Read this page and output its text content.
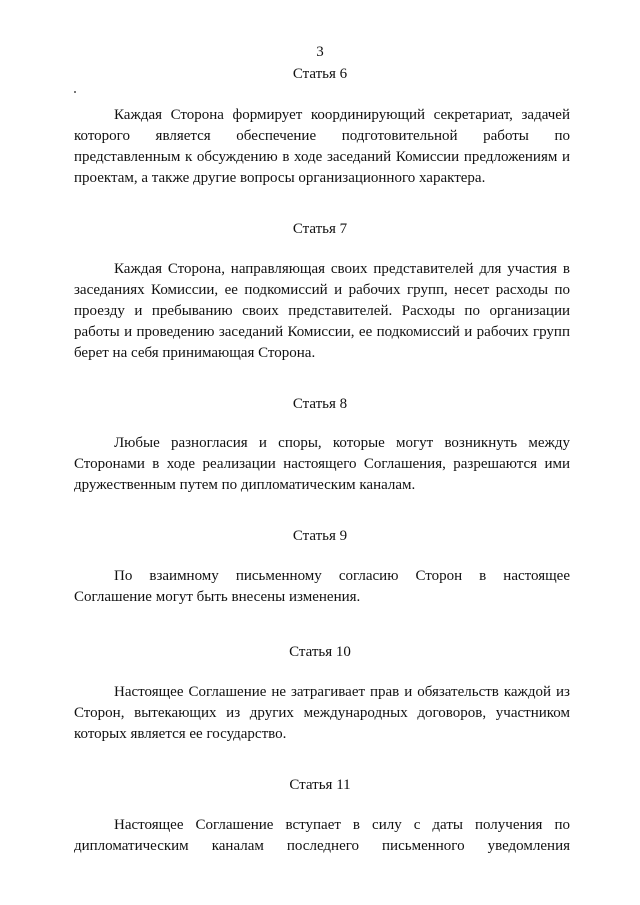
3
Статья 6

Каждая Сторона формирует координирующий секретариат, задачей которого является обеспечение подготовительной работы по представленным к обсуждению в ходе заседаний Комиссии предложениям и проектам, а также другие вопросы организационного характера.

Статья 7

Каждая Сторона, направляющая своих представителей для участия в заседаниях Комиссии, ее подкомиссий и рабочих групп, несет расходы по проезду и пребыванию своих представителей. Расходы по организации работы и проведению заседаний Комиссии, ее подкомиссий и рабочих групп берет на себя принимающая Сторона.

Статья 8

Любые разногласия и споры, которые могут возникнуть между Сторонами в ходе реализации настоящего Соглашения, разрешаются ими дружественным путем по дипломатическим каналам.

Статья 9

По взаимному письменному согласию Сторон в настоящее Соглашение могут быть внесены изменения.

Статья 10

Настоящее Соглашение не затрагивает прав и обязательств каждой из Сторон, вытекающих из других международных договоров, участником которых является ее государство.

Статья 11

Настоящее Соглашение вступает в силу с даты получения по дипломатическим каналам последнего письменного уведомления
